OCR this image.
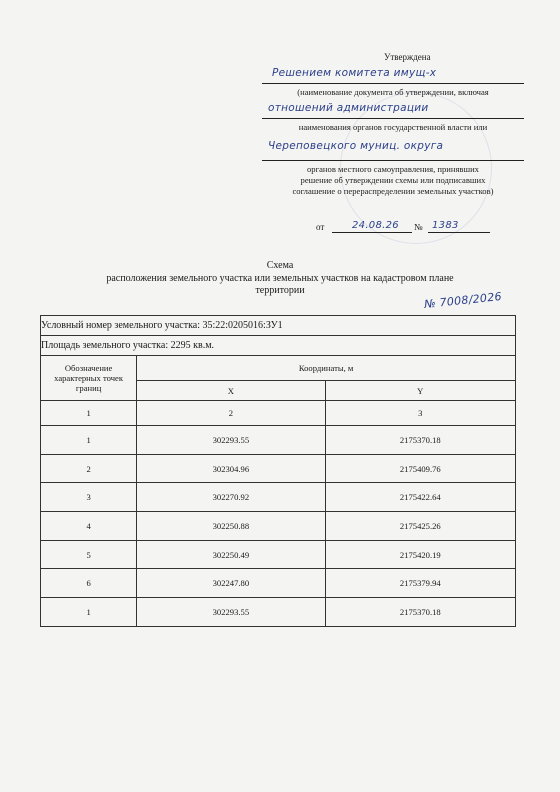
Утверждена
Решением комитета имущ-х
(наименование документа об утверждении, включая
отношений администрации
наименования органов государственной власти или
Череповецкого муниц. округа
органов местного самоуправления, принявших
решение об утверждении схемы или подписавших
соглашение о перераспределении земельных участков)
от	24.08.26	№ 1383
Схема
расположения земельного участка или земельных участков на кадастровом плане
территории	№ 7008/2026
Условный номер земельного участка: 35:22:0205016:ЗУ1		
Площадь земельного участка: 2295 кв.м.		
Обозначение характерных точек границ	Координаты, м	
	X	Y
1	2	3
1	302293.55	2175370.18
2	302304.96	2175409.76
3	302270.92	2175422.64
4	302250.88	2175425.26
5	302250.49	2175420.19
6	302247.80	2175379.94
1	302293.55	2175370.18
